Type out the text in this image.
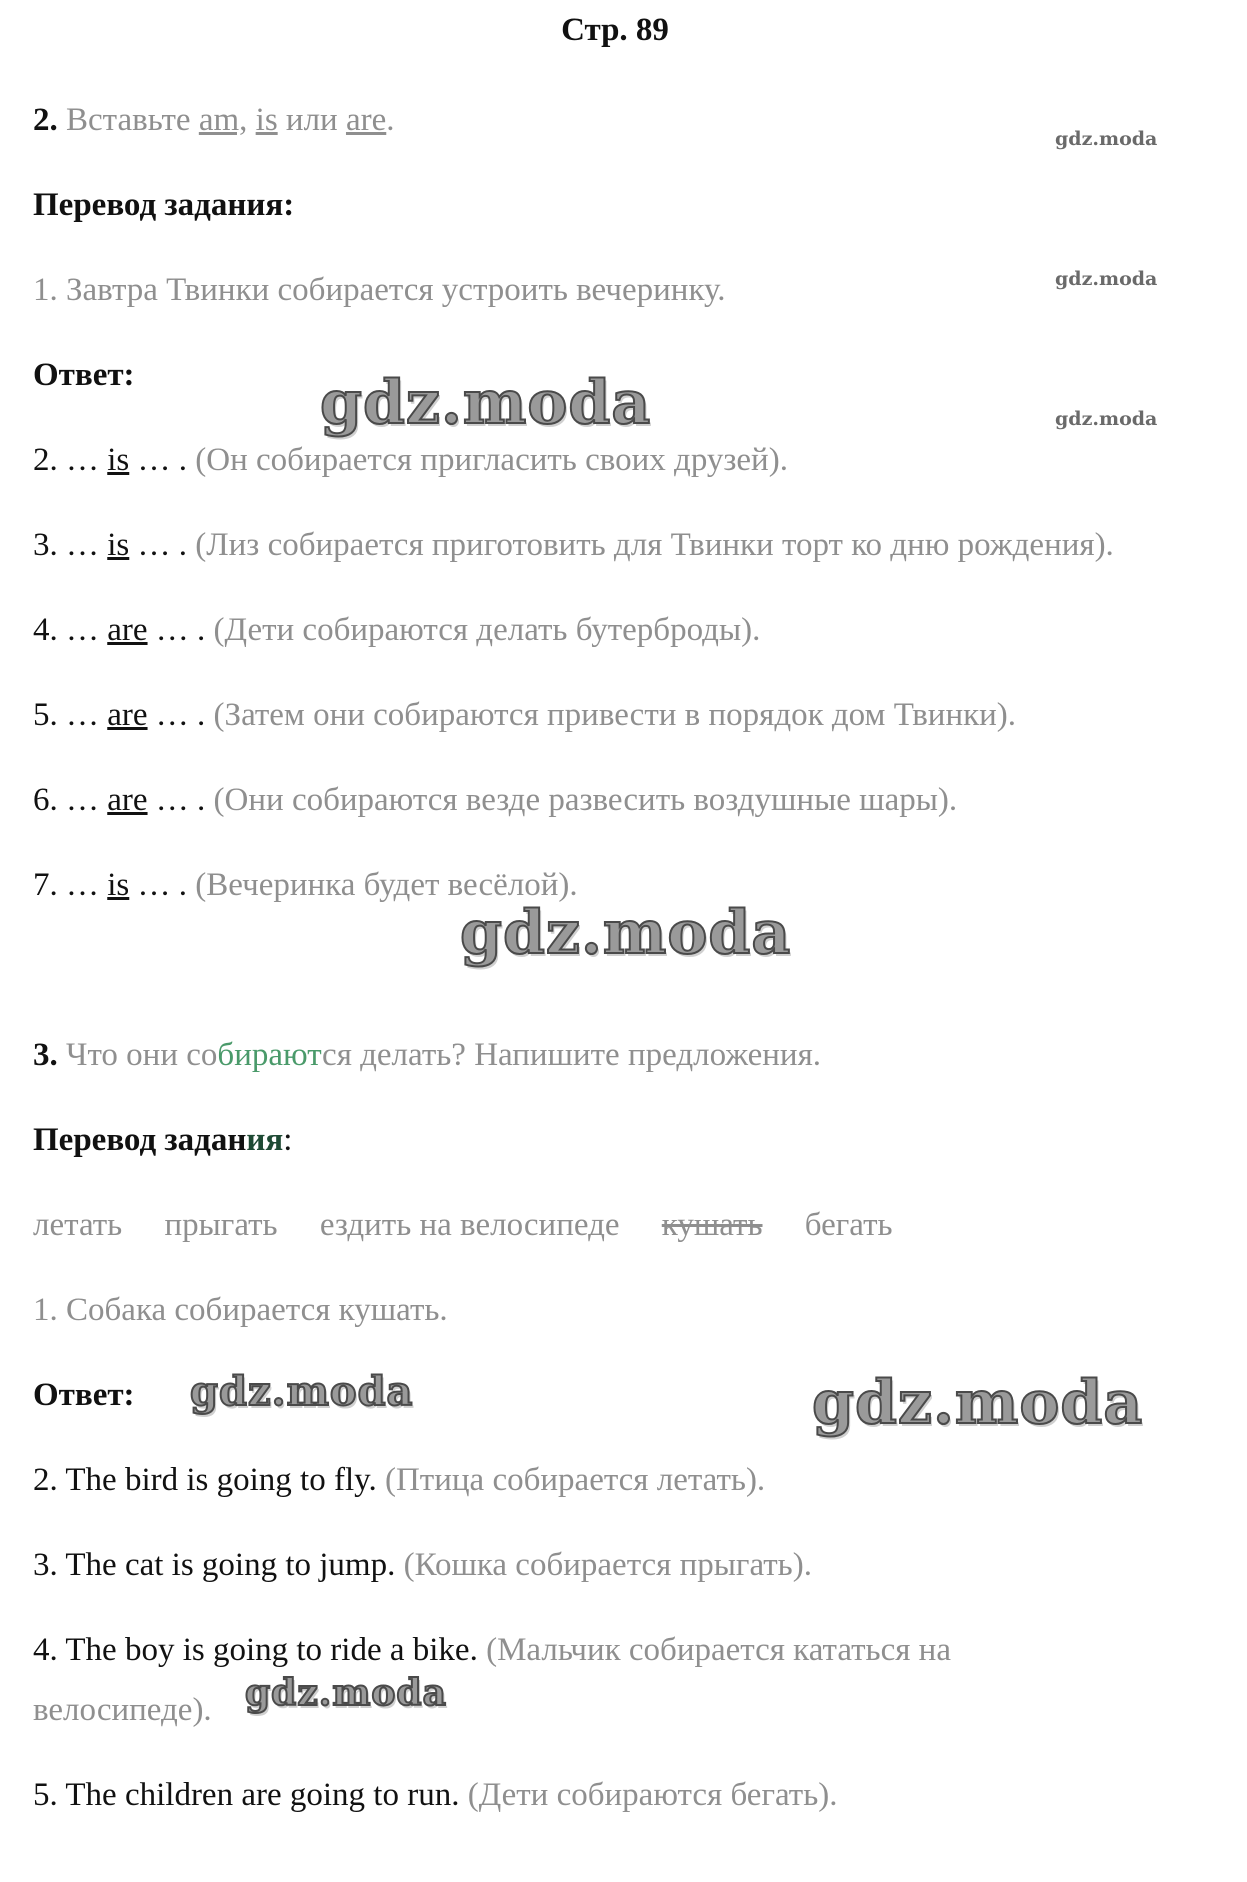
Стр. 89
2. Вставьте am, is или are.
Перевод задания:
1. Завтра Твинки собирается устроить вечеринку.
Ответ:
2. … is … . (Он собирается пригласить своих друзей).
3. … is … . (Лиз собирается приготовить для Твинки торт ко дню рождения).
4. … are … . (Дети собираются делать бутерброды).
5. … are … . (Затем они собираются привести в порядок дом Твинки).
6. … are … . (Они собираются везде развесить воздушные шары).
7. … is … . (Вечеринка будет весёлой).
3. Что они собираются делать? Напишите предложения.
Перевод задания:
летать прыгать ездить на велосипеде кушать бегать
1. Собака собирается кушать.
Ответ:
2. The bird is going to fly. (Птица собирается летать).
3. The cat is going to jump. (Кошка собирается прыгать).
4. The boy is going to ride a bike. (Мальчик собирается кататься на
велосипеде).
5. The children are going to run. (Дети собираются бегать).
gdz.moda
gdz.moda
gdz.moda
gdz.moda
gdz.moda
gdz.moda	gdz.moda
gdz.moda
